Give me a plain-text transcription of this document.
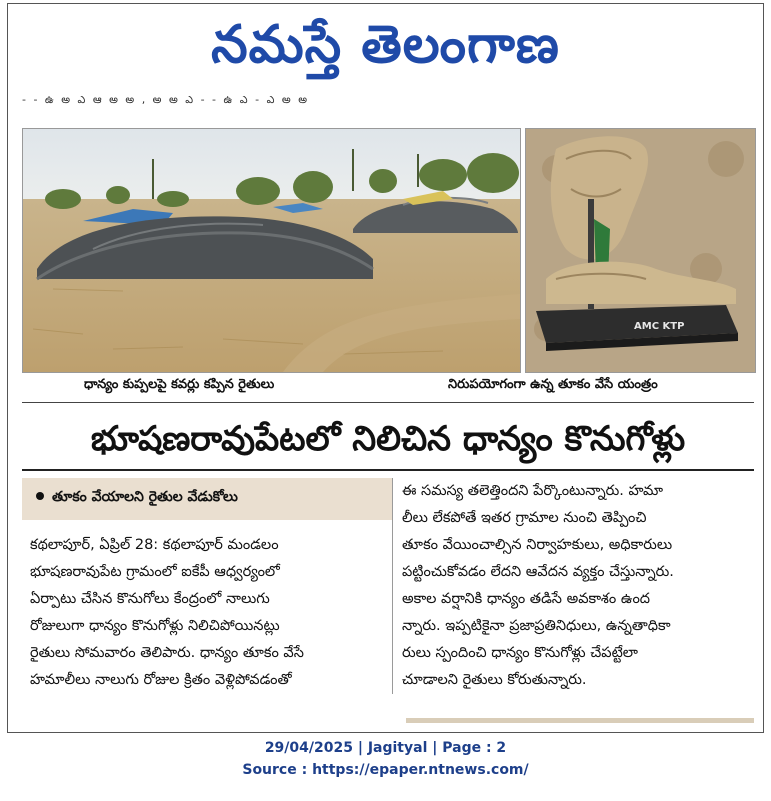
నమస్తే తెలంగాణ
- - ఉ అ ఎ ఆ అ అ , అ అ ఎ - - ఉ ఎ - ఎ అ అ
AMC KTP
ధాన్యం కుప్పలపై కవర్లు కప్పిన రైతులు	నిరుపయోగంగా ఉన్న తూకం వేసే యంత్రం
భూషణరావుపేటలో నిలిచిన ధాన్యం కొనుగోళ్లు
తూకం వేయాలని రైతుల వేడుకోలు
కథలాపూర్, ఏప్రిల్ 28: కథలాపూర్ మండలం
భూషణరావుపేట గ్రామంలో ఐకేపీ ఆధ్వర్యంలో
ఏర్పాటు చేసిన కొనుగోలు కేంద్రంలో నాలుగు
రోజులుగా ధాన్యం కొనుగోళ్లు నిలిచిపోయినట్లు
రైతులు సోమవారం తెలిపారు. ధాన్యం తూకం వేసే
హమాలీలు నాలుగు రోజుల క్రితం వెళ్లిపోవడంతో
ఈ సమస్య తలెత్తిందని పేర్కొంటున్నారు. హమా
లీలు లేకపోతే ఇతర గ్రామాల నుంచి తెప్పించి
తూకం వేయించాల్సిన నిర్వాహకులు, అధికారులు
పట్టించుకోవడం లేదని ఆవేదన వ్యక్తం చేస్తున్నారు.
అకాల వర్షానికి ధాన్యం తడిసే అవకాశం ఉంద
న్నారు. ఇప్పటికైనా ప్రజాప్రతినిధులు, ఉన్నతాధికా
రులు స్పందించి ధాన్యం కొనుగోళ్లు చేపట్టేలా
చూడాలని రైతులు కోరుతున్నారు.
29/04/2025 | Jagityal | Page : 2
Source : https://epaper.ntnews.com/
